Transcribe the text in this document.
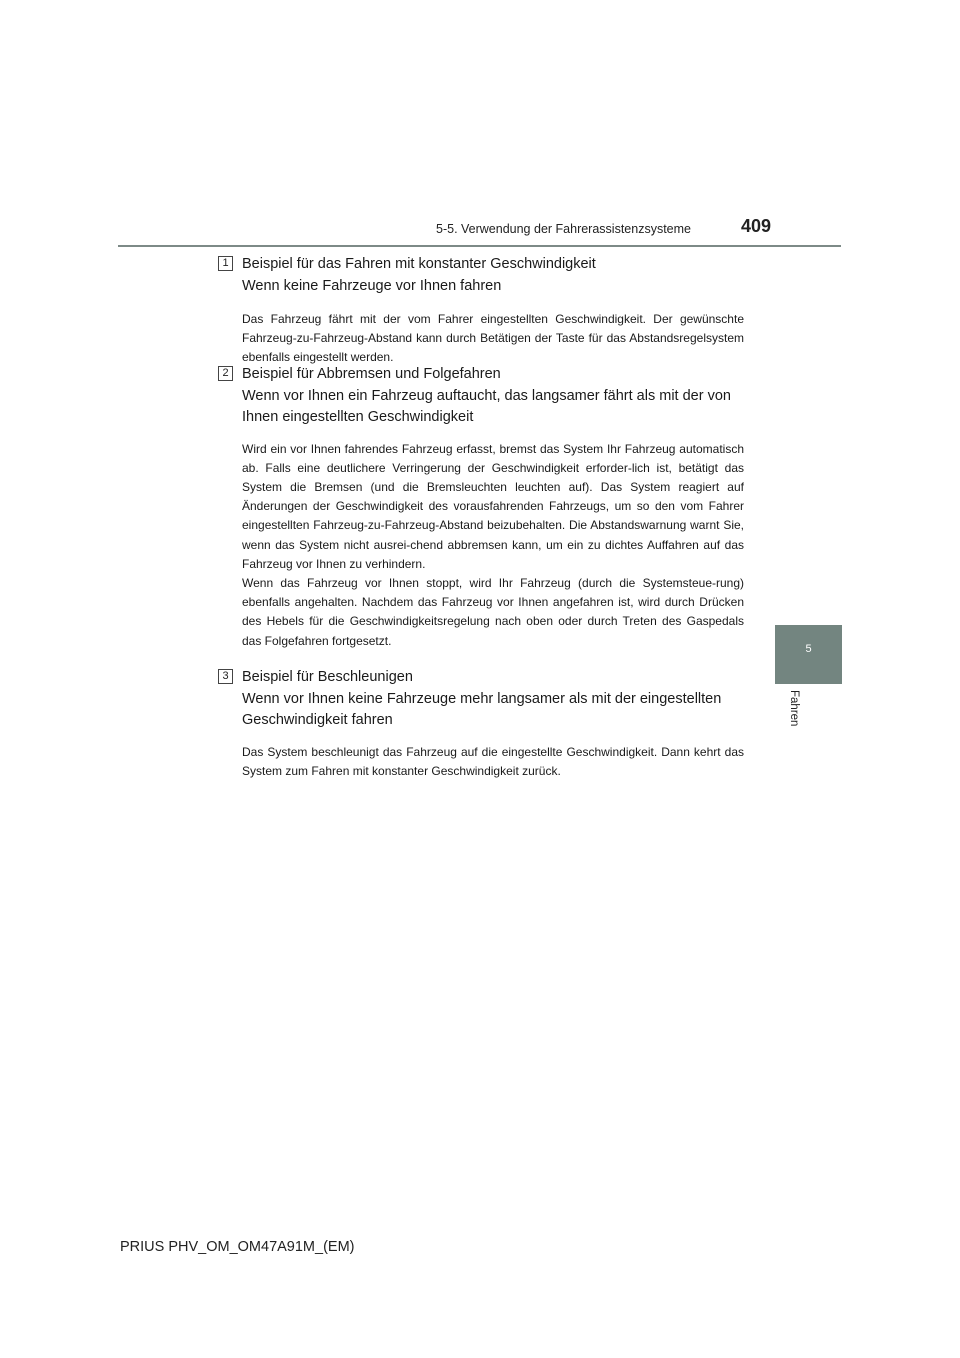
5-5. Verwendung der Fahrerassistenzsysteme	409
5
Fahren
1 Beispiel für das Fahren mit konstanter Geschwindigkeit
Wenn keine Fahrzeuge vor Ihnen fahren

Das Fahrzeug fährt mit der vom Fahrer eingestellten Geschwindigkeit. Der gewünschte Fahrzeug-zu-Fahrzeug-Abstand kann durch Betätigen der Taste für das Abstandsregelsystem ebenfalls eingestellt werden.

2 Beispiel für Abbremsen und Folgefahren
Wenn vor Ihnen ein Fahrzeug auftaucht, das langsamer fährt als mit der von Ihnen eingestellten Geschwindigkeit

Wird ein vor Ihnen fahrendes Fahrzeug erfasst, bremst das System Ihr Fahrzeug automatisch ab. Falls eine deutlichere Verringerung der Geschwindigkeit erforder-lich ist, betätigt das System die Bremsen (und die Bremsleuchten leuchten auf). Das System reagiert auf Änderungen der Geschwindigkeit des vorausfahrenden Fahrzeugs, um so den vom Fahrer eingestellten Fahrzeug-zu-Fahrzeug-Abstand beizubehalten. Die Abstandswarnung warnt Sie, wenn das System nicht ausrei-chend abbremsen kann, um ein zu dichtes Auffahren auf das Fahrzeug vor Ihnen zu verhindern.

Wenn das Fahrzeug vor Ihnen stoppt, wird Ihr Fahrzeug (durch die Systemsteue-rung) ebenfalls angehalten. Nachdem das Fahrzeug vor Ihnen angefahren ist, wird durch Drücken des Hebels für die Geschwindigkeitsregelung nach oben oder durch Treten des Gaspedals das Folgefahren fortgesetzt.

3 Beispiel für Beschleunigen
Wenn vor Ihnen keine Fahrzeuge mehr langsamer als mit der eingestellten Geschwindigkeit fahren

Das System beschleunigt das Fahrzeug auf die eingestellte Geschwindigkeit. Dann kehrt das System zum Fahren mit konstanter Geschwindigkeit zurück.

PRIUS PHV_OM_OM47A91M_(EM)
